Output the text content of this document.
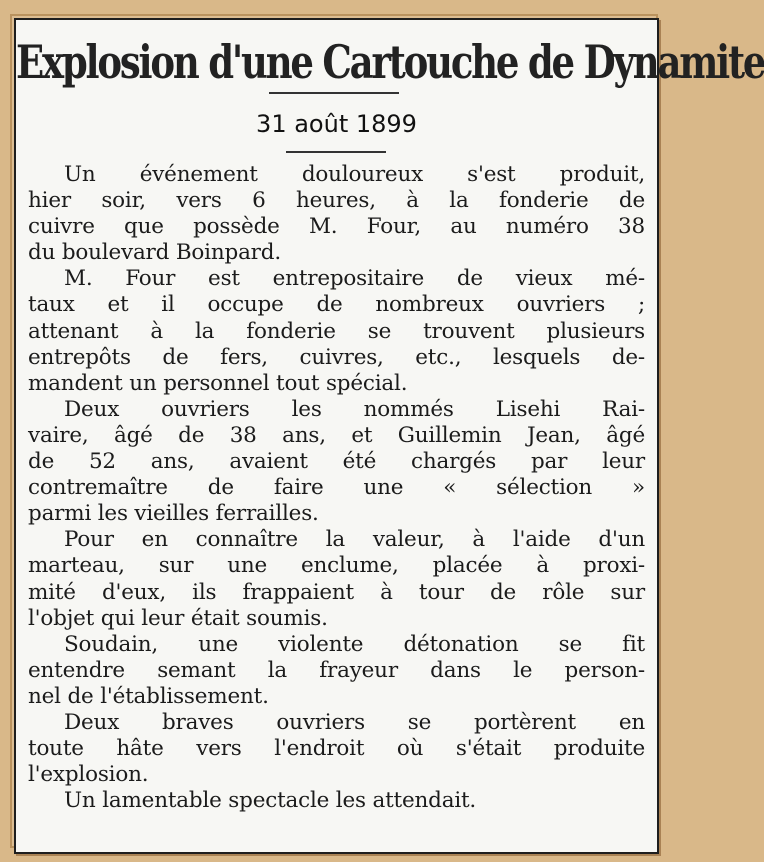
Explosion d'une Cartouche de Dynamite
31 août 1899
Un événement douloureux s'est produit,
hier soir, vers 6 heures, à la fonderie de
cuivre que possède M. Four, au numéro 38
du boulevard Boinpard.
M. Four est entrepositaire de vieux mé-
taux et il occupe de nombreux ouvriers ;
attenant à la fonderie se trouvent plusieurs
entrepôts de fers, cuivres, etc., lesquels de-
mandent un personnel tout spécial.
Deux ouvriers les nommés Lisehi Rai-
vaire, âgé de 38 ans, et Guillemin Jean, âgé
de 52 ans, avaient été chargés par leur
contremaître de faire une « sélection »
parmi les vieilles ferrailles.
Pour en connaître la valeur, à l'aide d'un
marteau, sur une enclume, placée à proxi-
mité d'eux, ils frappaient à tour de rôle sur
l'objet qui leur était soumis.
Soudain, une violente détonation se fit
entendre semant la frayeur dans le person-
nel de l'établissement.
Deux braves ouvriers se portèrent en
toute hâte vers l'endroit où s'était produite
l'explosion.
Un lamentable spectacle les attendait.
